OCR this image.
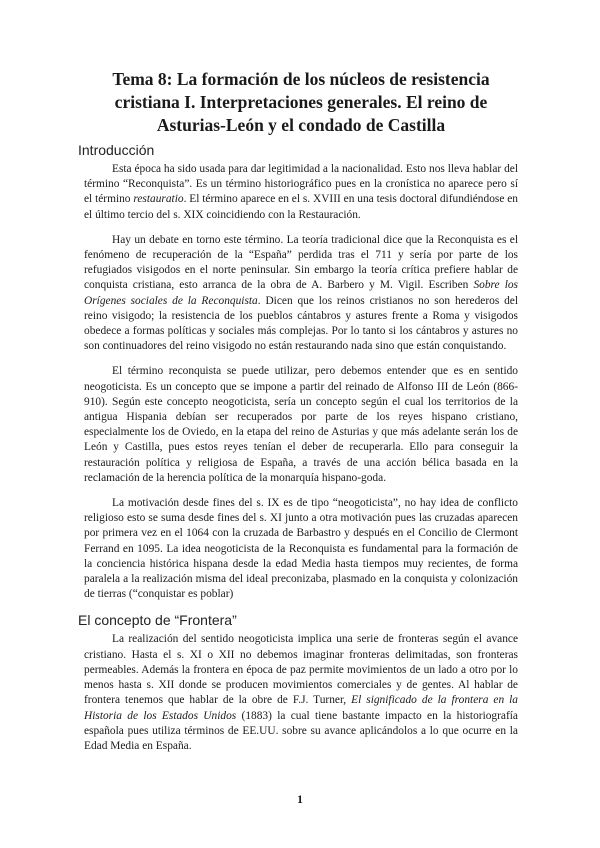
Tema 8: La formación de los núcleos de resistencia cristiana I. Interpretaciones generales. El reino de Asturias-León y el condado de Castilla
Introducción

Esta época ha sido usada para dar legitimidad a la nacionalidad. Esto nos lleva hablar del término “Reconquista”. Es un término historiográfico pues en la cronística no aparece pero sí el término restauratio. El término aparece en el s. XVIII en una tesis doctoral difundiéndose en el último tercio del s. XIX coincidiendo con la Restauración.

Hay un debate en torno este término. La teoría tradicional dice que la Reconquista es el fenómeno de recuperación de la “España” perdida tras el 711 y sería por parte de los refugiados visigodos en el norte peninsular. Sin embargo la teoría crítica prefiere hablar de conquista cristiana, esto arranca de la obra de A. Barbero y M. Vigil. Escriben Sobre los Orígenes sociales de la Reconquista. Dicen que los reinos cristianos no son herederos del reino visigodo; la resistencia de los pueblos cántabros y astures frente a Roma y visigodos obedece a formas políticas y sociales más complejas. Por lo tanto si los cántabros y astures no son continuadores del reino visigodo no están restaurando nada sino que están conquistando.

El término reconquista se puede utilizar, pero debemos entender que es en sentido neogoticista. Es un concepto que se impone a partir del reinado de Alfonso III de León (866-910). Según este concepto neogoticista, sería un concepto según el cual los territorios de la antigua Hispania debían ser recuperados por parte de los reyes hispano cristiano, especialmente los de Oviedo, en la etapa del reino de Asturias y que más adelante serán los de León y Castilla, pues estos reyes tenían el deber de recuperarla. Ello para conseguir la restauración política y religiosa de España, a través de una acción bélica basada en la reclamación de la herencia política de la monarquía hispano-goda.

La motivación desde fines del s. IX es de tipo “neogoticista”, no hay idea de conflicto religioso esto se suma desde fines del s. XI junto a otra motivación pues las cruzadas aparecen por primera vez en el 1064 con la cruzada de Barbastro y después en el Concilio de Clermont Ferrand en 1095. La idea neogoticista de la Reconquista es fundamental para la formación de la conciencia histórica hispana desde la edad Media hasta tiempos muy recientes, de forma paralela a la realización misma del ideal preconizaba, plasmado en la conquista y colonización de tierras (“conquistar es poblar)

El concepto de “Frontera”

La realización del sentido neogoticista implica una serie de fronteras según el avance cristiano. Hasta el s. XI o XII no debemos imaginar fronteras delimitadas, son fronteras permeables. Además la frontera en época de paz permite movimientos de un lado a otro por lo menos hasta s. XII donde se producen movimientos comerciales y de gentes. Al hablar de frontera tenemos que hablar de la obre de F.J. Turner, El significado de la frontera en la Historia de los Estados Unidos (1883) la cual tiene bastante impacto en la historiografía española pues utiliza términos de EE.UU. sobre su avance aplicándolos a lo que ocurre en la Edad Media en España.

1
